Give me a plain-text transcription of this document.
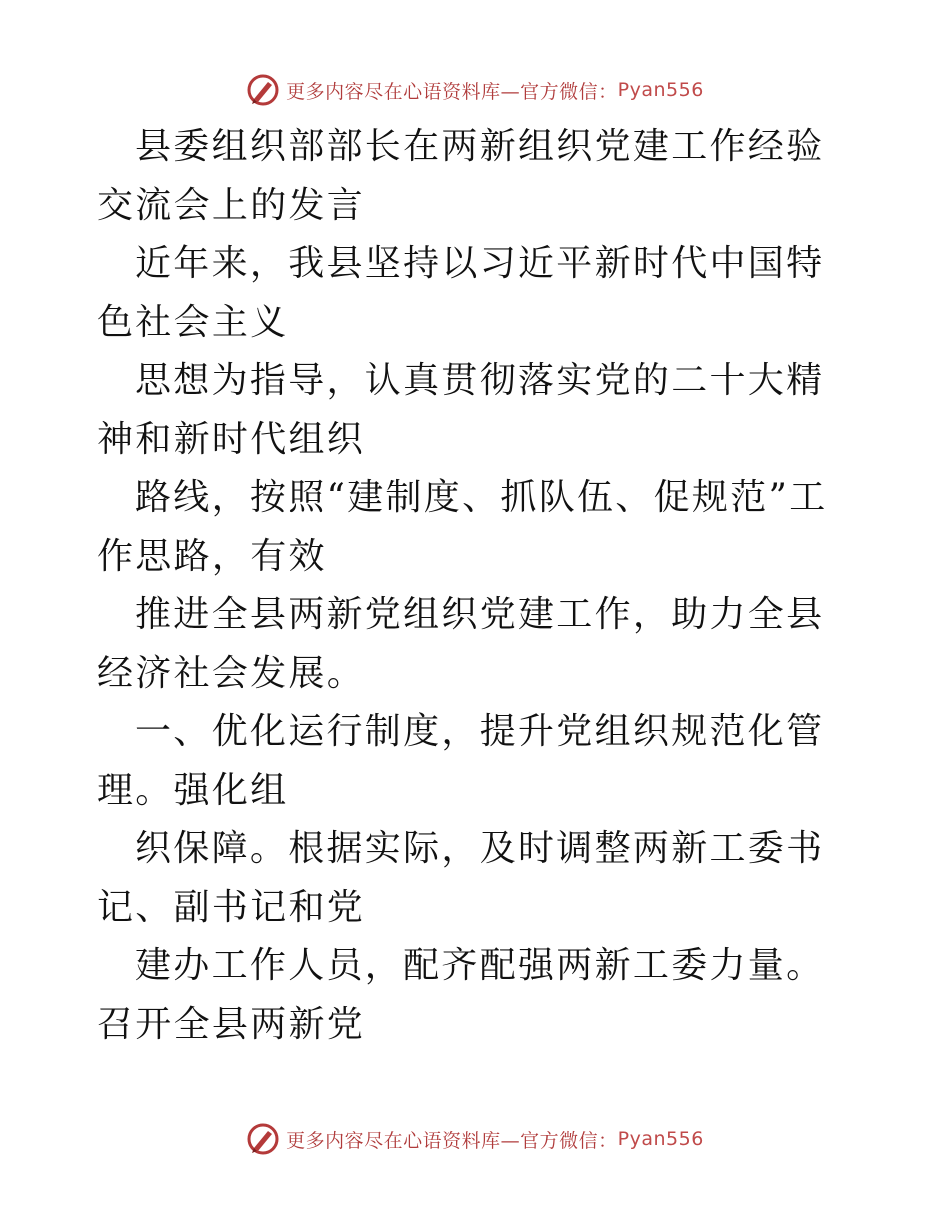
更多内容尽在心语资料库—官方微信： Pyan556

县委组织部部长在两新组织党建工作经验交流会上的发言

近年来，我县坚持以习近平新时代中国特色社会主义

思想为指导，认真贯彻落实党的二十大精神和新时代组织

路线，按照“建制度、抓队伍、促规范”工作思路，有效

推进全县两新党组织党建工作，助力全县经济社会发展。

一、优化运行制度，提升党组织规范化管理。强化组

织保障。根据实际，及时调整两新工委书记、副书记和党

建办工作人员，配齐配强两新工委力量。召开全县两新党

更多内容尽在心语资料库—官方微信： Pyan556
